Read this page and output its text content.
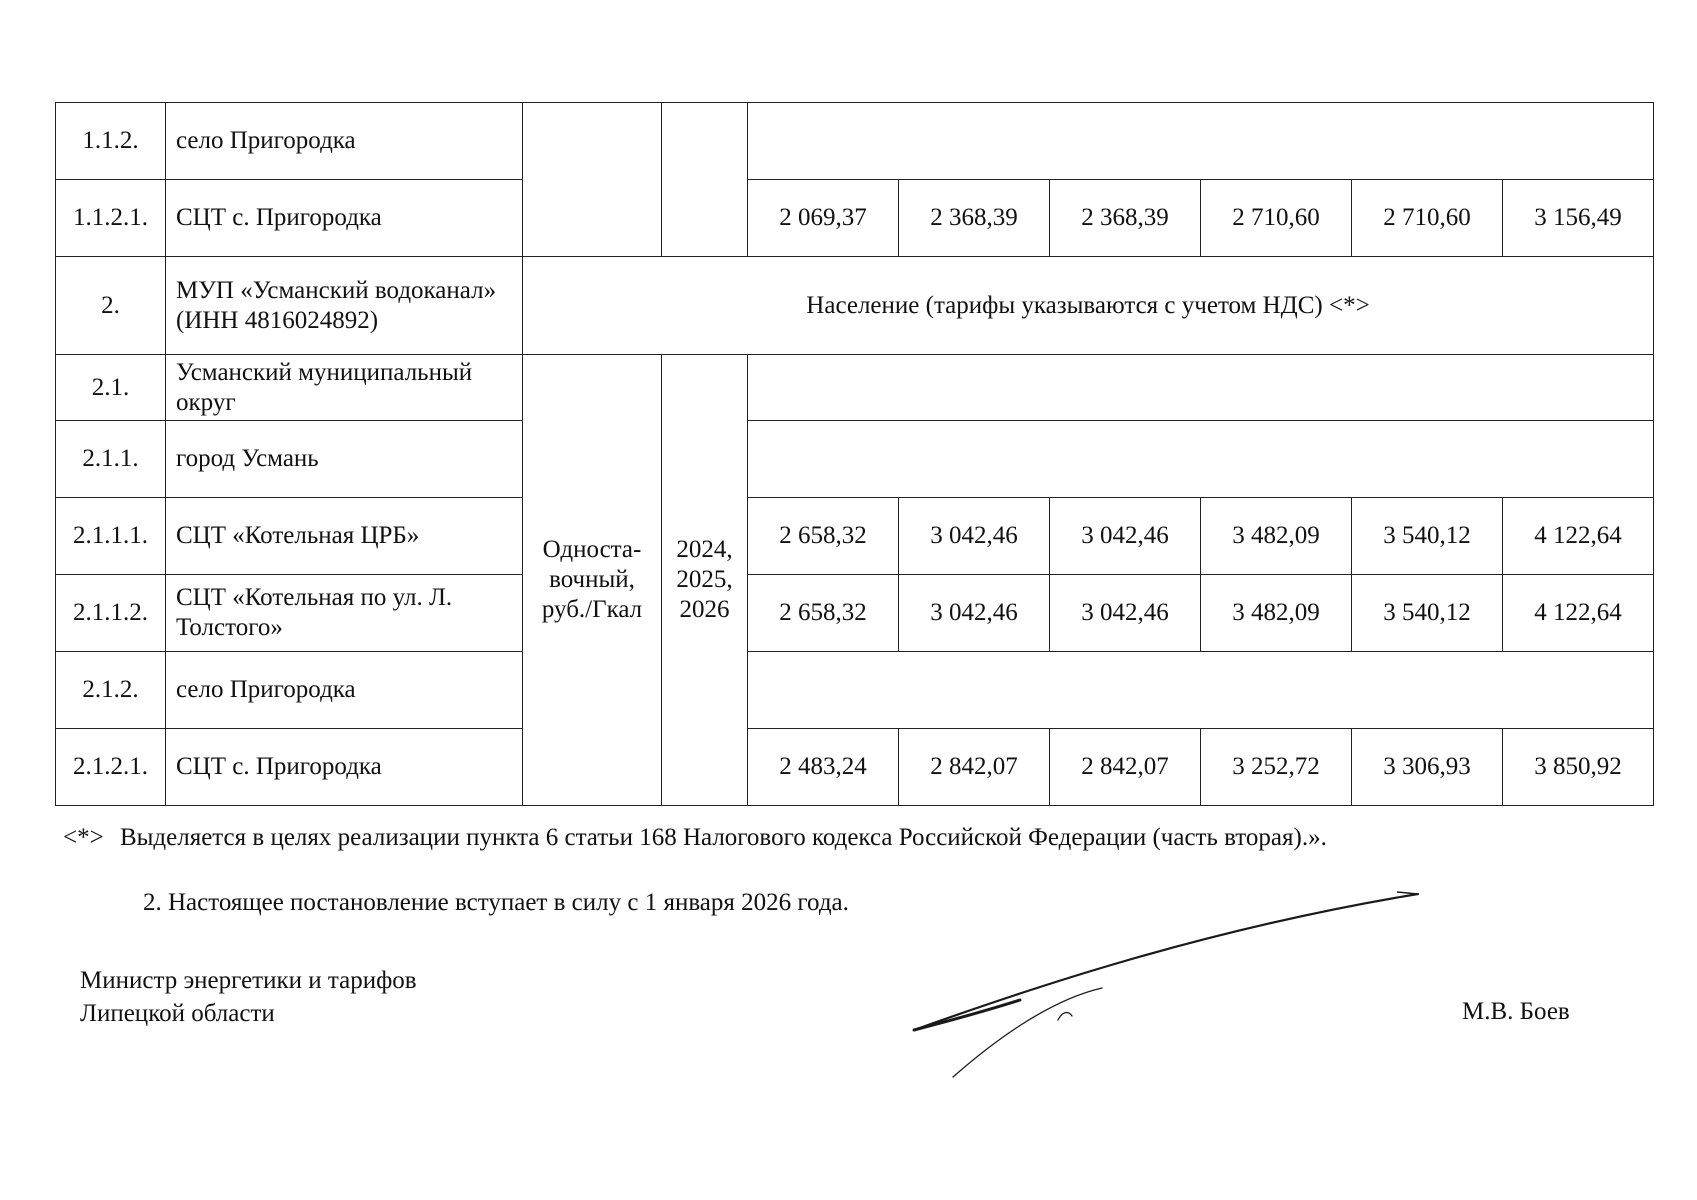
1.1.2.	село Пригородка								
1.1.2.1.	СЦТ с. Пригородка			2 069,37	2 368,39	2 368,39	2 710,60	2 710,60	3 156,49
2.	МУП «Усманский водоканал» (ИНН 4816024892)	Население (тарифы указываются с учетом НДС) <*>							
2.1.	Усманский муниципальный округ	Односта-вочный, руб./Гкал	2024, 2025, 2026						
2.1.1.	город Усмань								
2.1.1.1.	СЦТ «Котельная ЦРБ»			2 658,32	3 042,46	3 042,46	3 482,09	3 540,12	4 122,64
2.1.1.2.	СЦТ «Котельная по ул. Л. Толстого»			2 658,32	3 042,46	3 042,46	3 482,09	3 540,12	4 122,64
2.1.2.	село Пригородка								
2.1.2.1.	СЦТ с. Пригородка			2 483,24	2 842,07	2 842,07	3 252,72	3 306,93	3 850,92
<*> Выделяется в целях реализации пункта 6 статьи 168 Налогового кодекса Российской Федерации (часть вторая).».
2. Настоящее постановление вступает в силу с 1 января 2026 года.
Министр энергетики и тарифов
Липецкой области	М.В. Боев
